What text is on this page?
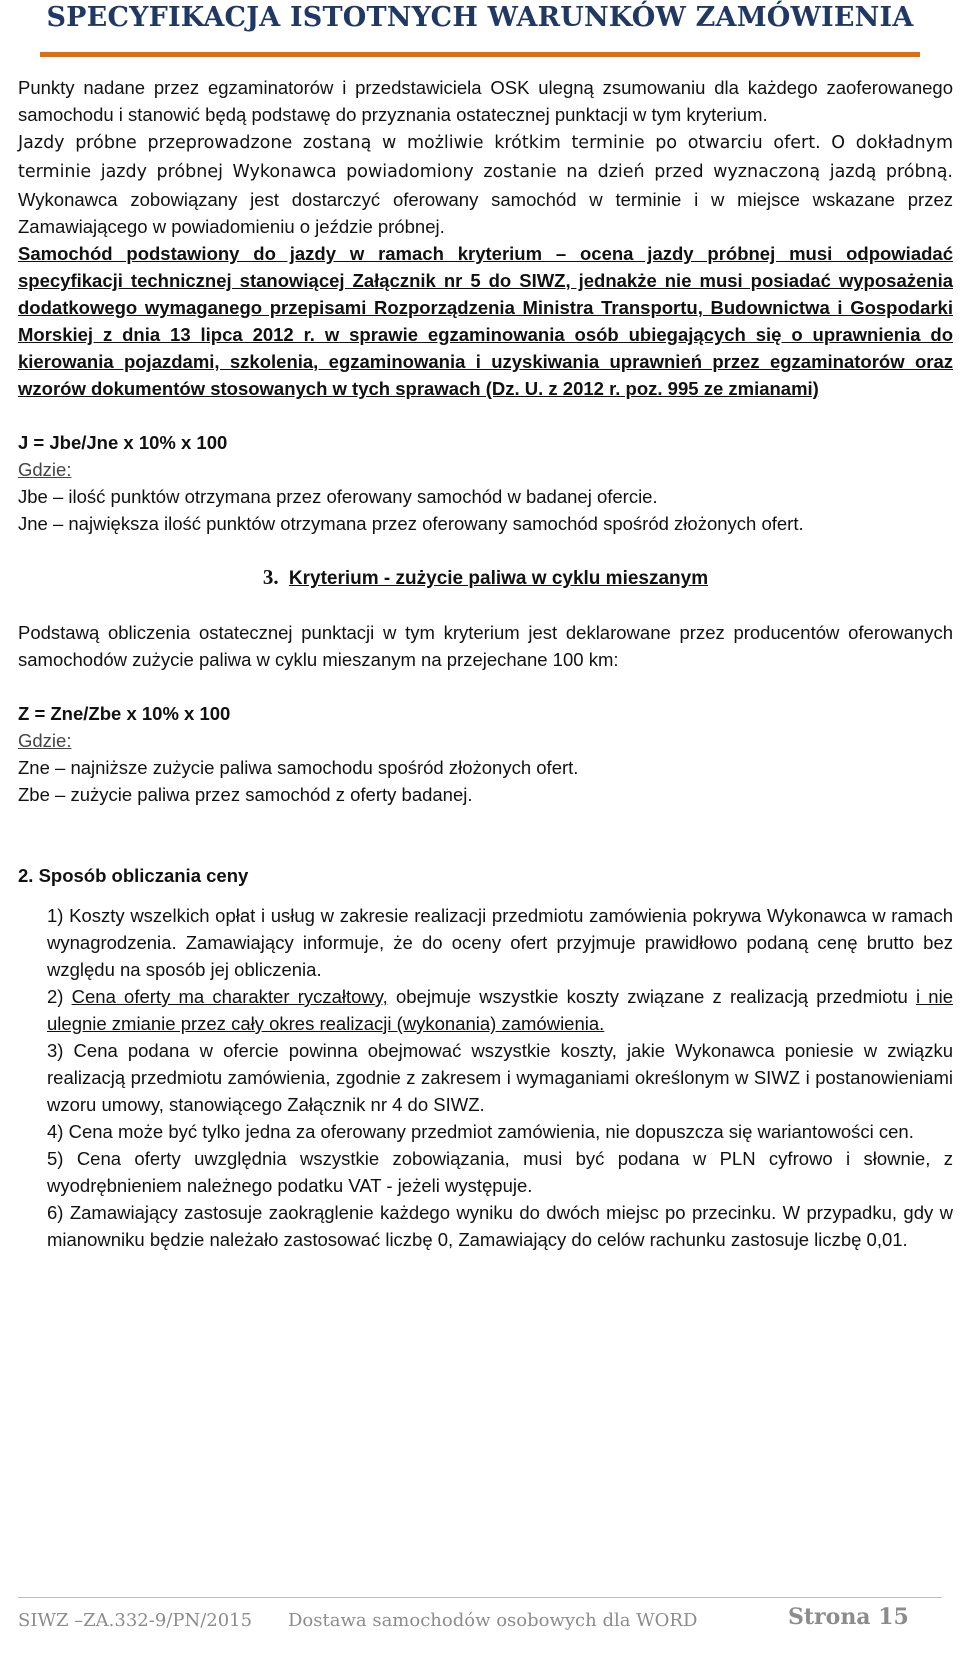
SPECYFIKACJA ISTOTNYCH WARUNKÓW ZAMÓWIENIA

Punkty nadane przez egzaminatorów i przedstawiciela OSK ulegną zsumowaniu dla każdego zaoferowanego samochodu i stanowić będą podstawę do przyznania ostatecznej punktacji w tym kryterium.

Jazdy próbne przeprowadzone zostaną w możliwie krótkim terminie po otwarciu ofert. O dokładnym terminie jazdy próbnej Wykonawca powiadomiony zostanie na dzień przed wyznaczoną jazdą próbną. Wykonawca zobowiązany jest dostarczyć oferowany samochód w terminie i w miejsce wskazane przez Zamawiającego w powiadomieniu o jeździe próbnej.

Samochód podstawiony do jazdy w ramach kryterium – ocena jazdy próbnej musi odpowiadać specyfikacji technicznej stanowiącej Załącznik nr 5 do SIWZ, jednakże nie musi posiadać wyposażenia dodatkowego wymaganego przepisami Rozporządzenia Ministra Transportu, Budownictwa i Gospodarki Morskiej z dnia 13 lipca 2012 r. w sprawie egzaminowania osób ubiegających się o uprawnienia do kierowania pojazdami, szkolenia, egzaminowania i uzyskiwania uprawnień przez egzaminatorów oraz wzorów dokumentów stosowanych w tych sprawach (Dz. U. z 2012 r. poz. 995 ze zmianami)

J = Jbe/Jne x 10% x 100

Gdzie:

Jbe – ilość punktów otrzymana przez oferowany samochód w badanej ofercie.

Jne – największa ilość punktów otrzymana przez oferowany samochód spośród złożonych ofert.

3. Kryterium - zużycie paliwa w cyklu mieszanym

Podstawą obliczenia ostatecznej punktacji w tym kryterium jest deklarowane przez producentów oferowanych samochodów zużycie paliwa w cyklu mieszanym na przejechane 100 km:

Z = Zne/Zbe x 10% x 100

Gdzie:

Zne – najniższe zużycie paliwa samochodu spośród złożonych ofert.

Zbe – zużycie paliwa przez samochód z oferty badanej.

2. Sposób obliczania ceny

1) Koszty wszelkich opłat i usług w zakresie realizacji przedmiotu zamówienia pokrywa Wykonawca w ramach wynagrodzenia. Zamawiający informuje, że do oceny ofert przyjmuje prawidłowo podaną cenę brutto bez względu na sposób jej obliczenia.

2) Cena oferty ma charakter ryczałtowy, obejmuje wszystkie koszty związane z realizacją przedmiotu i nie ulegnie zmianie przez cały okres realizacji (wykonania) zamówienia.

3) Cena podana w ofercie powinna obejmować wszystkie koszty, jakie Wykonawca poniesie w związku realizacją przedmiotu zamówienia, zgodnie z zakresem i wymaganiami określonym w SIWZ i postanowieniami wzoru umowy, stanowiącego Załącznik nr 4 do SIWZ.

4) Cena może być tylko jedna za oferowany przedmiot zamówienia, nie dopuszcza się wariantowości cen.

5) Cena oferty uwzględnia wszystkie zobowiązania, musi być podana w PLN cyfrowo i słownie, z wyodrębnieniem należnego podatku VAT - jeżeli występuje.

6) Zamawiający zastosuje zaokrąglenie każdego wyniku do dwóch miejsc po przecinku. W przypadku, gdy w mianowniku będzie należało zastosować liczbę 0, Zamawiający do celów rachunku zastosuje liczbę 0,01.

SIWZ –ZA.332-9/PN/2015 Dostawa samochodów osobowych dla WORD	Strona 15
